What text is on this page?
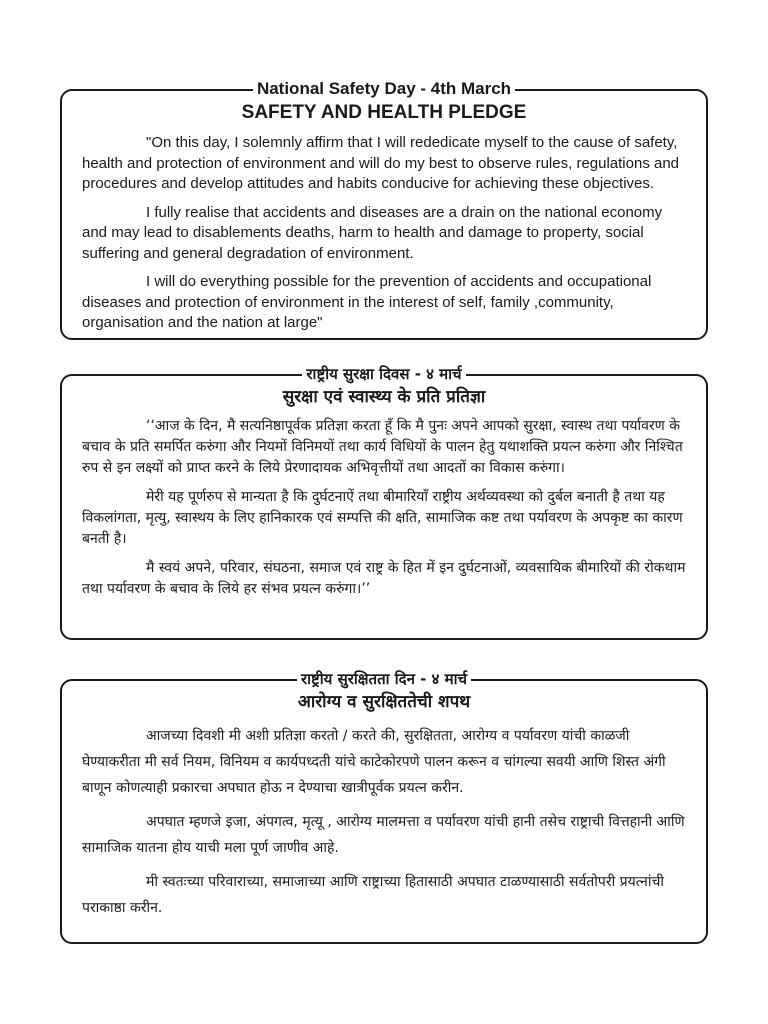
National Safety Day - 4th March

SAFETY AND HEALTH PLEDGE

"On this day, I solemnly affirm that I will rededicate myself to the cause of safety, health and protection of environment and will do my best to observe rules, regulations and procedures and develop attitudes and habits conducive for achieving these objectives.

I fully realise that accidents and diseases are a drain on the national economy and may lead to disablements deaths, harm to health and damage to property, social suffering and general degradation of environment.

I will do everything possible for the prevention of accidents and occupational diseases and protection of environment in the interest of self, family ,community, organisation and the nation at large"

राष्ट्रीय सुरक्षा दिवस - ४ मार्च

सुरक्षा एवं स्वास्थ्य के प्रति प्रतिज्ञा

‘‘आज के दिन, मै सत्यनिष्ठापूर्वक प्रतिज्ञा करता हूँ कि मै पुनः अपने आपको सुरक्षा, स्वास्थ तथा पर्यावरण के बचाव के प्रति समर्पित करुंगा और नियमों विनिमयों तथा कार्य विधियों के पालन हेतु यथाशक्ति प्रयत्न करुंगा और निश्चित रुप से इन लक्ष्यों को प्राप्त करने के लिये प्रेरणादायक अभिवृत्तीयों तथा आदतों का विकास करुंगा।

मेरी यह पूर्णरुप से मान्यता है कि दुर्घटनाऐं तथा बीमारियाँ राष्ट्रीय अर्थव्यवस्था को दुर्बल बनाती है तथा यह विकलांगता, मृत्यु, स्वास्थय के लिए हानिकारक एवं सम्पत्ति की क्षति, सामाजिक कष्ट तथा पर्यावरण के अपकृष्ट का कारण बनती है।

मै स्वयं अपने, परिवार, संघठना, समाज एवं राष्ट्र के हित में इन दुर्घटनाओं, व्यवसायिक बीमारियों की रोकथाम तथा पर्यावरण के बचाव के लिये हर संभव प्रयत्न करुंगा।’’

राष्ट्रीय सुरक्षितता दिन - ४ मार्च

आरोग्य व सुरक्षिततेची शपथ

आजच्या दिवशी मी अशी प्रतिज्ञा करतो / करते की, सुरक्षितता, आरोग्य व पर्यावरण यांची काळजी घेण्याकरीता मी सर्व नियम, विनियम व कार्यपध्दती यांचे काटेकोरपणे पालन करून व चांगल्या सवयी आणि शिस्त अंगी बाणून कोणत्याही प्रकारचा अपघात होऊ न देण्याचा खात्रीपूर्वक प्रयत्न करीन.

अपघात म्हणजे इजा, अंपगत्व, मृत्यू , आरोग्य मालमत्ता व पर्यावरण यांची हानी तसेच राष्ट्राची वित्तहानी आणि सामाजिक यातना होय याची मला पूर्ण जाणीव आहे.

मी स्वतःच्या परिवाराच्या, समाजाच्या आणि राष्ट्राच्या हितासाठी अपघात टाळण्यासाठी सर्वतोपरी प्रयत्नांची पराकाष्ठा करीन.
